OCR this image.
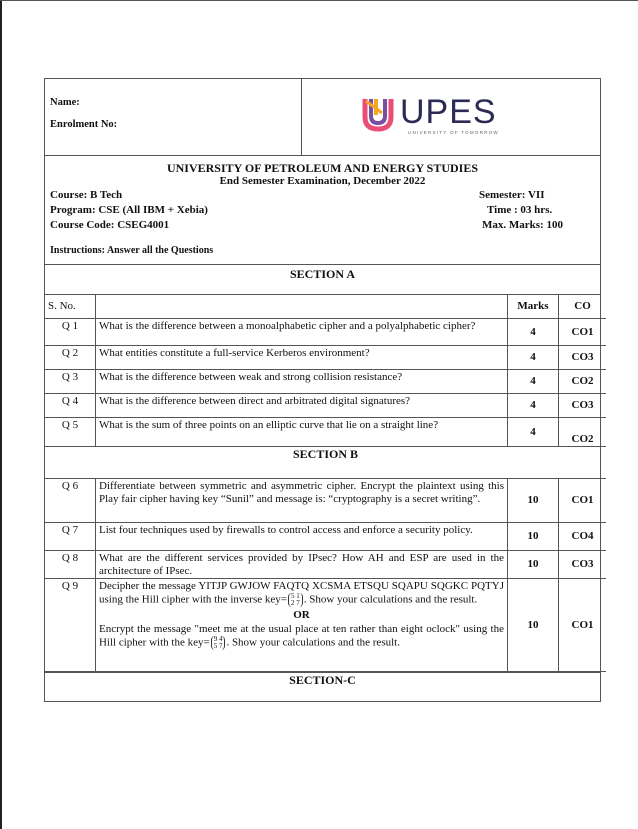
Name:
Enrolment No:	UPES
UNIVERSITY OF TOMORROW
UNIVERSITY OF PETROLEUM AND ENERGY STUDIES
End Semester Examination, December 2022
Course: B Tech	Semester: VII
Program: CSE (All IBM + Xebia)	Time : 03 hrs.
Course Code: CSEG4001	Max. Marks: 100
Instructions: Answer all the Questions
SECTION A
S. No.		Marks	CO
Q 1	What is the difference between a monoalphabetic cipher and a polyalphabetic cipher?	4	CO1
Q 2	What entities constitute a full-service Kerberos environment?	4	CO3
Q 3	What is the difference between weak and strong collision resistance?	4	CO2
Q 4	What is the difference between direct and arbitrated digital signatures?	4	CO3
Q 5	What is the sum of three points on an elliptic curve that lie on a straight line?	4	CO2
SECTION B			
Q 6	Differentiate between symmetric and asymmetric cipher. Encrypt the plaintext using this Play fair cipher having key “Sunil” and message is: “cryptography is a secret writing”.	10	CO1
Q 7	List four techniques used by firewalls to control access and enforce a security policy.	10	CO4
Q 8	What are the different services provided by IPsec? How AH and ESP are used in the architecture of IPsec.	10	CO3
Q 9	Decipher the message YITJP GWJOW FAQTQ XCSMA ETSQU SQAPU SQGKC PQTYJ using the Hill cipher with the inverse key= 5 1
2 7 . Show your calculations and the result.
OR
Encrypt the message "meet me at the usual place at ten rather than eight oclock" using the Hill cipher with the key= 9 4
5 7 . Show your calculations and the result.	10	CO1
SECTION-C
